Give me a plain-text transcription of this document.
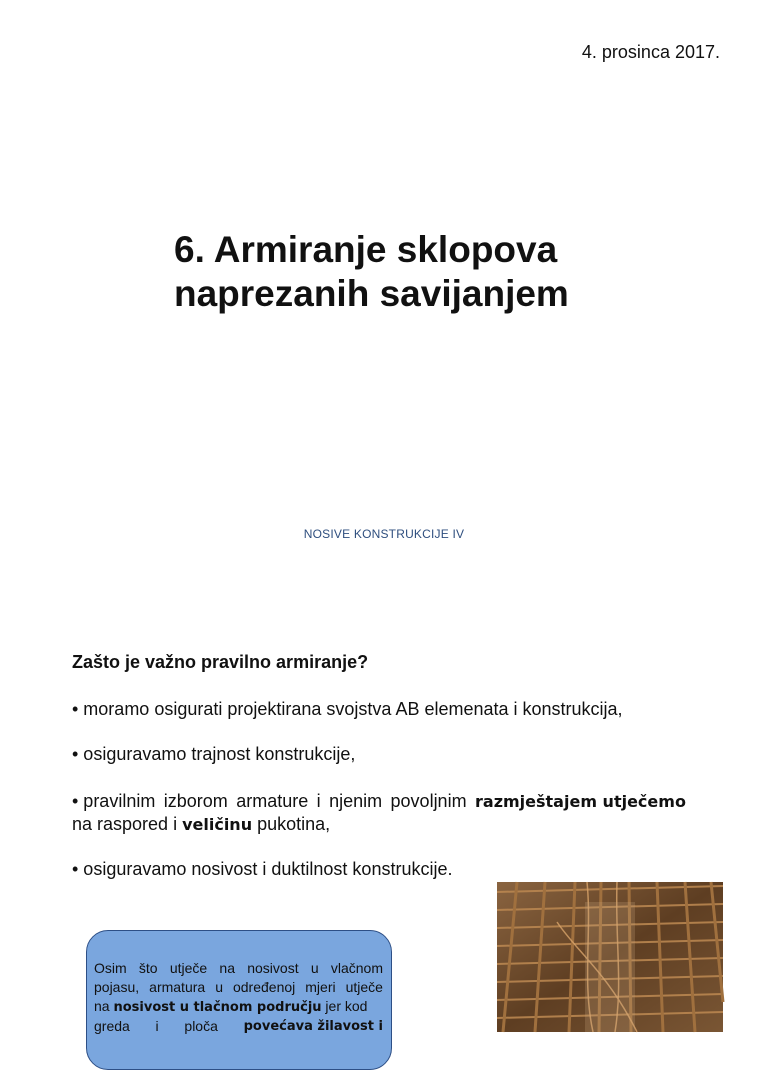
4. prosinca 2017.
6. Armiranje sklopova
naprezanih savijanjem
NOSIVE KONSTRUKCIJE IV
Zašto je važno pravilno armiranje?
• moramo osigurati projektirana svojstva AB elemenata i konstrukcija,
• osiguravamo trajnost konstrukcije,
• pravilnim izborom armature i njenim povoljnim razmještajem utječemo
na raspored i veličinu pukotina,
• osiguravamo nosivost i duktilnost konstrukcije.
Osim što utječe na nosivost u vlačnom
pojasu, armatura u određenoj mjeri utječe
na nosivost u tlačnom području jer kod
greda i ploča povećava žilavost i
